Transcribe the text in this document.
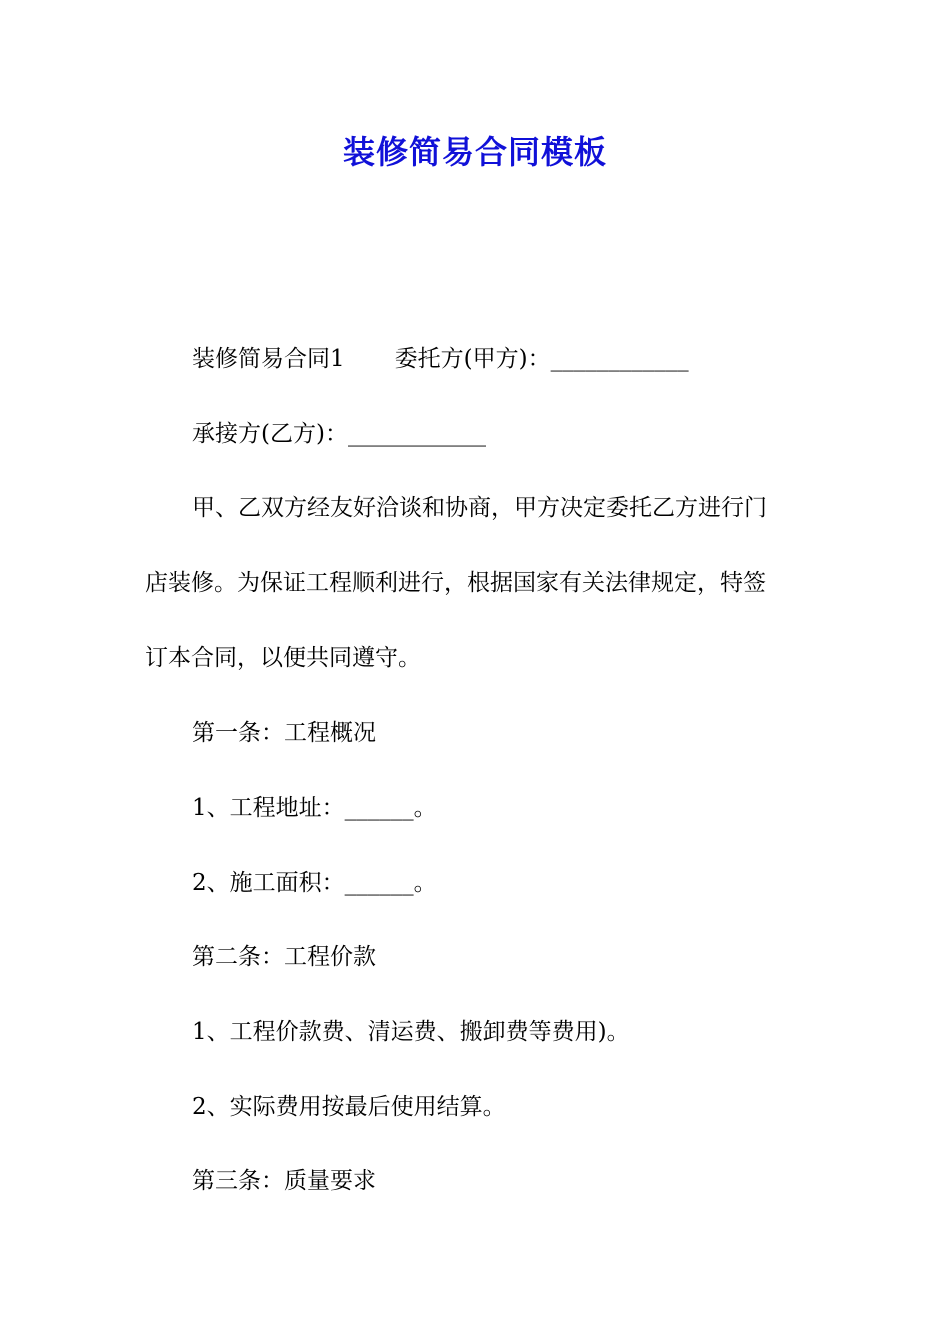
装修简易合同模板
装修简易合同1 委托方(甲方)：____________
承接方(乙方)：____________
甲、乙双方经友好洽谈和协商，甲方决定委托乙方进行门
店装修。为保证工程顺利进行，根据国家有关法律规定，特签
订本合同，以便共同遵守。
第一条：工程概况
1、工程地址：______。
2、施工面积：______。
第二条：工程价款
1、工程价款费、清运费、搬卸费等费用)。
2、实际费用按最后使用结算。
第三条：质量要求
